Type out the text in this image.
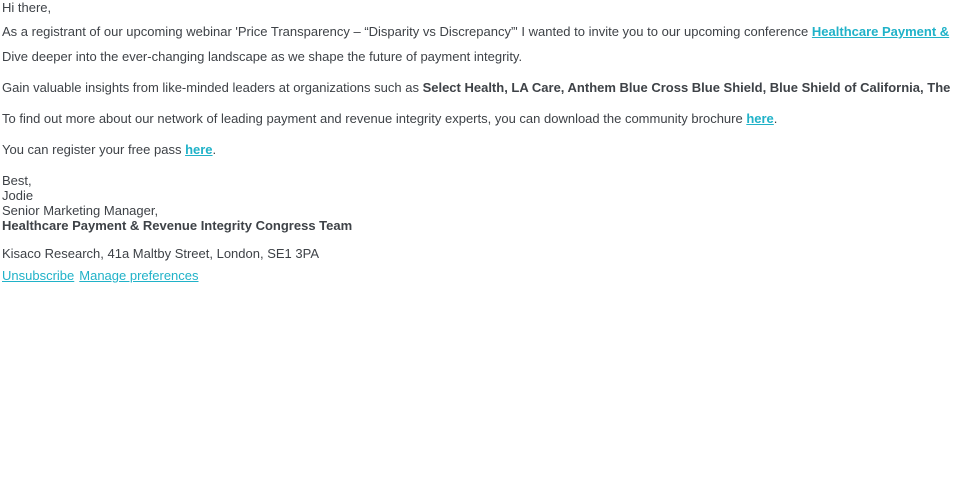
Hi there,

As a registrant of our upcoming webinar 'Price Transparency – “Disparity vs Discrepancy”' I wanted to invite you to our upcoming conference Healthcare Payment &

Dive deeper into the ever-changing landscape as we shape the future of payment integrity.

Gain valuable insights from like-minded leaders at organizations such as Select Health, LA Care, Anthem Blue Cross Blue Shield, Blue Shield of California, The

To find out more about our network of leading payment and revenue integrity experts, you can download the community brochure here.

You can register your free pass here.

Best,
Jodie
Senior Marketing Manager,
Healthcare Payment & Revenue Integrity Congress Team

Kisaco Research, 41a Maltby Street, London, SE1 3PA

Unsubscribe Manage preferences
